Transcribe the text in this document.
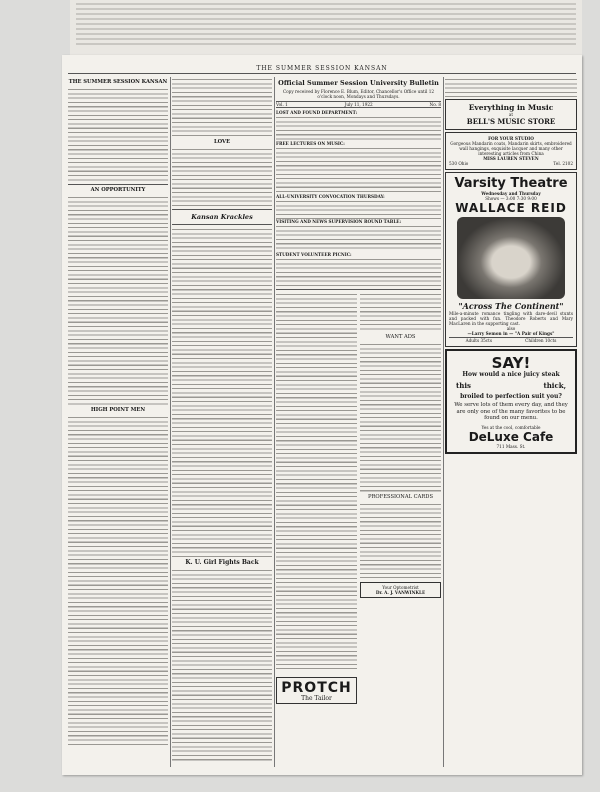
THE SUMMER SESSION KANSAN
THE SUMMER SESSION KANSAN
AN OPPORTUNITY
HIGH POINT MEN
LOVE
Kansan Krackles
K. U. Girl Fights Back
Official Summer Session University Bulletin
Copy received by Florence E. Blum, Editor, Chancellor's Office until 12 o'clock noon, Mondays and Thursdays.
Vol. 1	July 11, 1922	No. 8
LOST AND FOUND DEPARTMENT:
FREE LECTURES ON MUSIC:
ALL-UNIVERSITY CONVOCATION THURSDAY:
VISITING AND NEWS SUPERVISION ROUND TABLE:
STUDENT VOLUNTEER PICNIC:
WANT ADS
PROFESSIONAL CARDS
Your Optometrist
Dr. A. J. VANWINKLE
PROTCH
The Tailor
Everything in Music
at
BELL'S MUSIC STORE
FOR YOUR STUDIO
Gorgeous Mandarin coats, Mandarin skirts, embroidered wall hangings, exquisite lacquer and many other interesting articles from China
MISS LAUREN STEVEN
530 Ohio	Tel. 2102
Varsity Theatre
Wednesday and Thursday
Shows — 3:00 7:30 9:00
WALLACE REID
"Across The Continent"
Mile-a-minute romance tingling with dare-devil stunts and packed with fun. Theodore Roberts and Mary MacLaren in the supporting cast.
also
—Larry Semon in — "A Pair of Kings"
Adults 35cts	Children 10cts
SAY!
How would a nice juicy steak
this	thick,
broiled to perfection suit you?
We serve lots of them every day, and they are only one of the many favorites to be found on our menu.
Yes at the cool, comfortable
DeLuxe Cafe
711 Mass. St.
